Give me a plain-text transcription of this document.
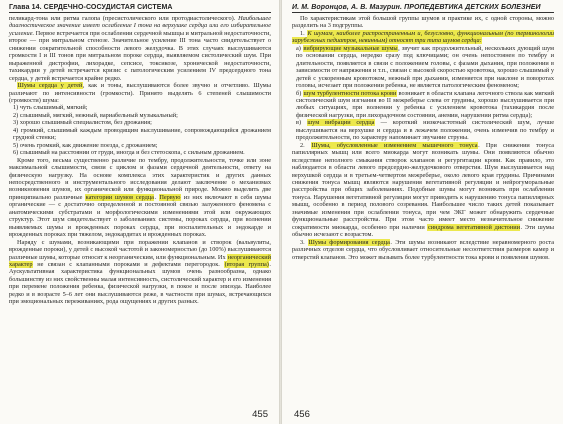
Глава 14. СЕРДЕЧНО-СОСУДИСТАЯ СИСТЕМА

пеликард-тона или ритма галопа (пресистолического или протодиастолического). Наибольшее диагностическое значение имеет ослабление I тона на верхушке сердца или его избирательное усиление. Первое встречается при ослаблении сердечной мышцы и митральной недостаточности, второе — при митральном стенозе. Значительное усиление III тона часто свидетельствует о снижении сократительной способности левого желудочка. В этих случаях выслушиваются громкости I и III тонов при митральном пороке сердца, выявляемом систолический шум. При выраженной дистрофии, лихорадке, сепсисе, токсикозе, хронической недостаточности, тахикардии у детей встречается кризис с патологическим усилением IV предсердного тона сердца, у детей встречается крайне редко.

Шумы сердца у детей, как и тоны, выслушиваются более звучно и отчетливо. Шумы различают по интенсивности (громкости). Принято выделять 6 степеней слышимости (громкости) шума:

1) чуть слышимый, мягкий;
2) слышимый, мягкий, нежный, вариабельный музыкальный;
3) хорошо слышимый специалистом, без дрожания;
4) громкий, слышимый каждым проводящим выслушивание, сопровождающийся дрожанием грудной стенки;
5) очень громкий, как движение поезда, с дрожанием;
6) слышимый на расстоянии от груди, иногда и без стетоскопа, с сильным дрожанием.

Кроме того, весьма существенно различие по тембру, продолжительности, точке или зоне максимальной слышимости, связи с циклом и фазами сердечной деятельности, ответу на физическую нагрузку. На основе комплекса этих характеристик и других данных непосредственного и инструментального исследования делают заключение о механизмах возникновения шумов, их органической или функциональной природе. Можно выделить две принципиально различные категории шумов сердца. Первую из них включают в себя шумы органические — с достаточно определенной и постоянной связью залуженного феномена с анатомическими субстратами и морфологическими изменениями этой или окружающих структур. Этот шум свидетельствует о заболеваниях системы, пороках сердца, при волнении выявляемых шумы и врожденных пороках сердца, при воспалительных и эндокарде и врожденных пороках при тяжелом, эндокардитах и врожденных пороках.

Наряду с шумами, возникающими при поражении клапанов и створок (вальвулиты, врожденные пороки), у детей с высокой частотой и закономерностью (до 100%) выслушиваются различные шумы, которые относят к неорганическим, или функциональным. Их неорганический характер не связан с клапанными пороками и дефектами перегородок. (вторая группа). Аускультативная характеристика функциональных шумов очень разнообразна, однако большинству из них свойственны малая интенсивность, систолический характер и его изменения при перемене положения ребенка, физической нагрузки, в покое и после эпизода. Наиболее редко и в возрасте 5–6 лет они выслушиваются реже, в частности при шумах, встречающихся при эмоциональных переживаниях, рода ощущениях и других разных.

455
И. М. Воронцов, А. В. Мазурин. ПРОПЕДЕВТИКА ДЕТСКИХ БОЛЕЗНЕЙ

По характеристикам этой большой группы шумов и практике их, с одной стороны, можно разделить на 3 подгруппы.

1. К шумам, наиболее распространенным и, безусловно, функциональным (по терминологии зарубежных педиатров, невинным) относят три типа шумов сердца:

а) вибрирующие музыкальные шумы, звучит как продолжительный, нескольких дующий шум по основании сердца, нередко сразу под ключицами; он очень непостоянен по тембру и длительности, появляется в связи с положением головы, с фазами дыхания, при положении в зависимости от напряжения и т.п., связан с высокой скоростью кровотока, хорошо слышимый у детей с ускоренным кровотоком, нежный при дыхании, изменяется при наклоне и поворотах головы, исчезает при положении ребенка, не является патологическим феноменом;
б) шум турбулентности потока крови возникает в области клапана легочного ствола как мягкий систолический шум изгнания во II межреберье слева от грудины, хорошо выслушивается при любых ситуациях, при волнении у ребенка с усилением кровотока (тахикардия после физической нагрузки, при лихорадочном состоянии, анемии, нарушении ритма сердца);
в) шум вибрации сердца — короткий низкочастотный систолический шум, лучше выслушивается на верхушке и сердца и в лежачем положении, очень изменчив по тембру и продолжительности, по характеру напоминает звучание струны.

2. Шумы, обусловленные изменением мышечного тонуса. При снижении тонуса папиллярных мышц или всего миокарда могут возникать шумы. Они появляются обычно вследствие неполного смыкания створок клапанов и регургитации крови. Как правило, это наблюдается в области левого предсердно-желудочкового отверстия. Шум выслушивается над верхушкой сердца и в третьем-четвертом межреберье, около левого края грудины. Причинами снижения тонуса мышц являются нарушения вегетативной регуляции и нейрогуморальные расстройства при общих заболеваниях. Подобные шумы могут возникать при ослаблении тонуса. Нарушения вегетативной регуляции могут приводить к нарушению тонуса папиллярных мышц, особенно в период полового созревания. Наибольшее число таких детей показывает значимые изменения при ослаблении тонуса, при чем ЭКГ может обнаружить сердечные функциональные расстройства. При этом часто имеет место незначительное снижение сократимости миокарда, особенно при наличии синдрома вегетативной дистонии. Эти шумы обычно исчезают с возрастом.

3. Шумы формирования сердца. Эти шумы возникают вследствие неравномерного роста различных отделов сердца, что обусловливает относительные несоответствия размеров камер и отверстий клапанов. Это может вызывать более турбулентности тока крови и появления шумов.

456
